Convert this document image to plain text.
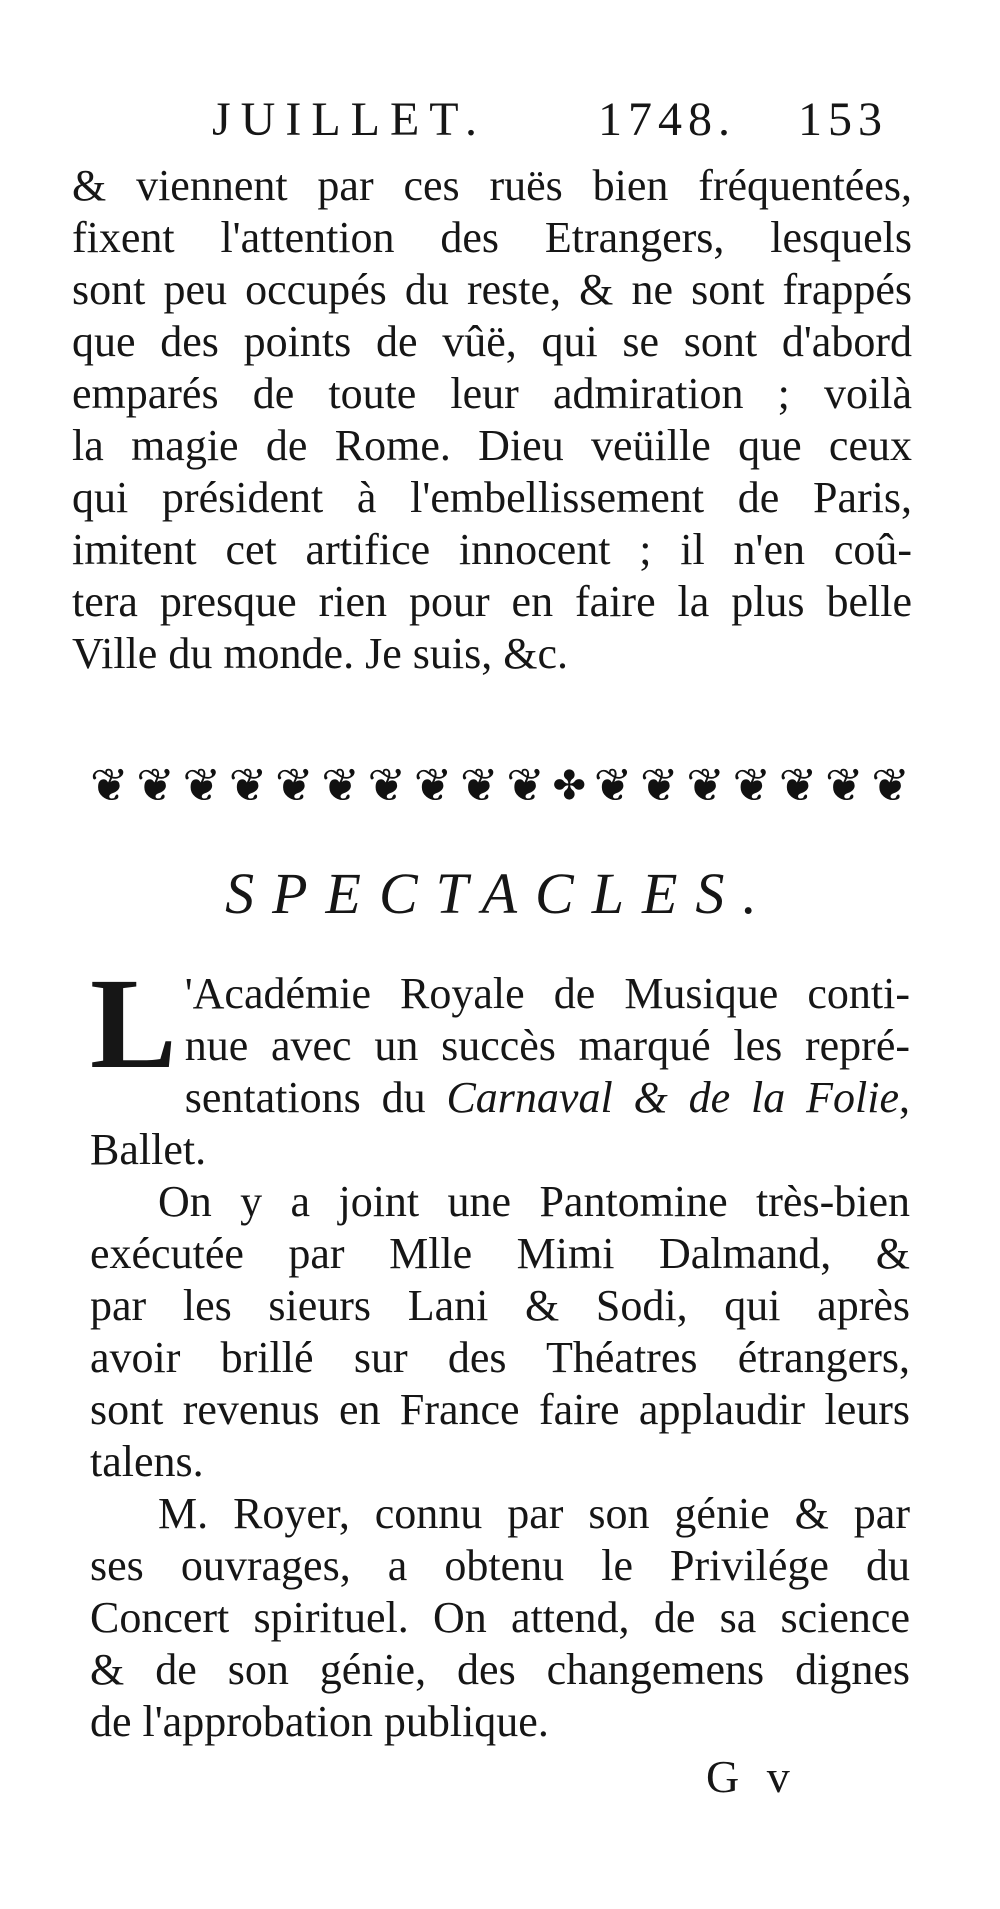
JUILLET. 1748. 153
& viennent par ces ruës bien fréquentées,
fixent l'attention des Etrangers, lesquels
sont peu occupés du reste, & ne sont frappés
que des points de vûë, qui se sont d'abord
emparés de toute leur admiration ; voilà
la magie de Rome. Dieu veüille que ceux
qui président à l'embellissement de Paris,
imitent cet artifice innocent ; il n'en coû-
tera presque rien pour en faire la plus belle
Ville du monde. Je suis, &c.
❦ ❦ ❦ ❦ ❦ ❦ ❦ ❦ ❦ ❦ ✤ ❦ ❦ ❦ ❦ ❦ ❦ ❦
SPECTACLES.
L 'Académie Royale de Musique conti-
nue avec un succès marqué les repré-
sentations du Carnaval & de la Folie,
Ballet.
On y a joint une Pantomine très-bien
exécutée par Mlle Mimi Dalmand, &
par les sieurs Lani & Sodi, qui après
avoir brillé sur des Théatres étrangers,
sont revenus en France faire applaudir leurs
talens.
M. Royer, connu par son génie & par
ses ouvrages, a obtenu le Privilége du
Concert spirituel. On attend, de sa science
& de son génie, des changemens dignes
de l'approbation publique.
G v
